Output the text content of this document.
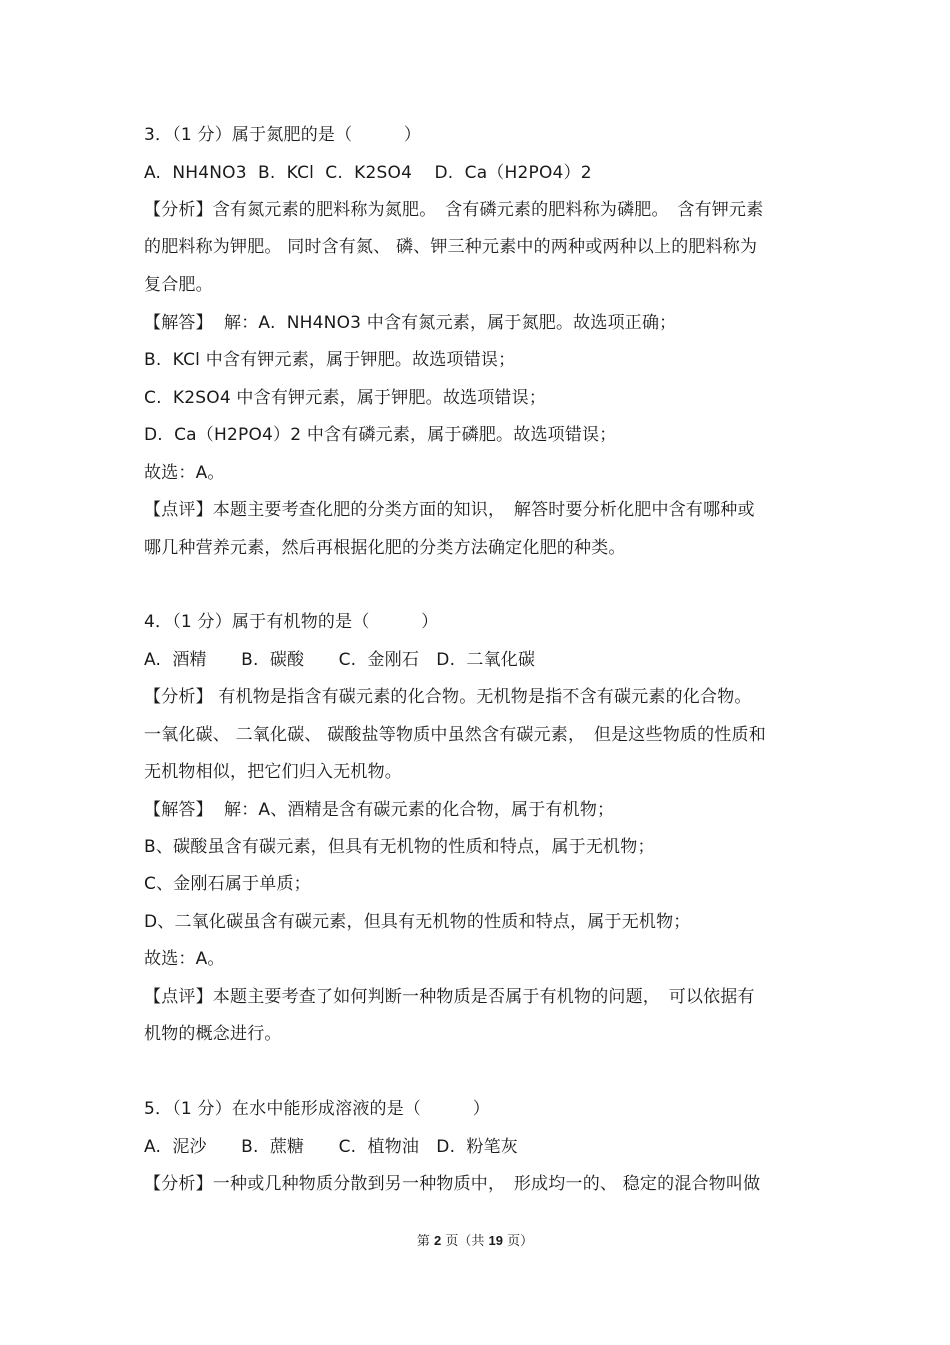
3．（1 分）属于氮肥的是（　　　）
A.  NH4NO3  B.  KCl  C.  K2SO4    D.  Ca（H2PO4）2
【分析】含有氮元素的肥料称为氮肥。　含有磷元素的肥料称为磷肥。　含有钾元素
的肥料称为钾肥。 同时含有氮、 磷、钾三种元素中的两种或两种以上的肥料称为
复合肥。
【解答】  解：A.  NH4NO3 中含有氮元素，属于氮肥。故选项正确；
B.  KCl 中含有钾元素，属于钾肥。故选项错误；
C.  K2SO4 中含有钾元素，属于钾肥。故选项错误；
D.  Ca（H2PO4）2 中含有磷元素，属于磷肥。故选项错误；
故选：A。
【点评】本题主要考查化肥的分类方面的知识，　解答时要分析化肥中含有哪种或
哪几种营养元素，然后再根据化肥的分类方法确定化肥的种类。
4．（1 分）属于有机物的是（　　　）
A.  酒精　　B.  碳酸　　C.  金刚石　D.  二氧化碳
【分析】 有机物是指含有碳元素的化合物。无机物是指不含有碳元素的化合物。
一氧化碳、 二氧化碳、 碳酸盐等物质中虽然含有碳元素，　但是这些物质的性质和
无机物相似，把它们归入无机物。
【解答】  解：A、酒精是含有碳元素的化合物，属于有机物；
B、碳酸虽含有碳元素，但具有无机物的性质和特点，属于无机物；
C、金刚石属于单质；
D、二氧化碳虽含有碳元素，但具有无机物的性质和特点，属于无机物；
故选：A。
【点评】本题主要考查了如何判断一种物质是否属于有机物的问题，　可以依据有
机物的概念进行。
5．（1 分）在水中能形成溶液的是（　　　）
A.  泥沙　　B.  蔗糖　　C.  植物油　D.  粉笔灰
【分析】一种或几种物质分散到另一种物质中，　形成均一的、 稳定的混合物叫做
第 2 页（共 19 页）
